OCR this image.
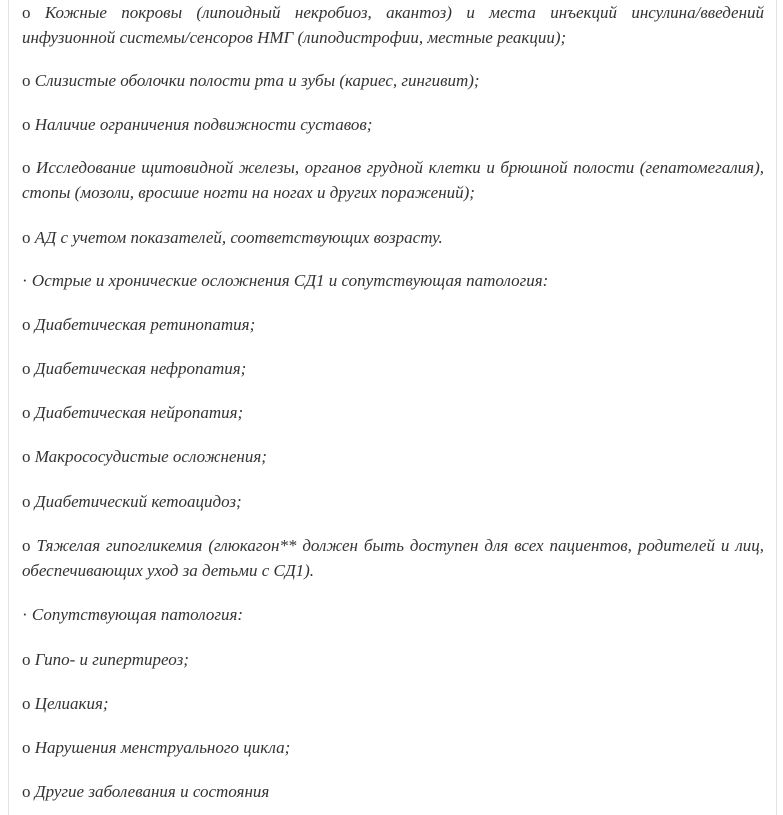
o Кожные покровы (липоидный некробиоз, акантоз) и места инъекций инсулина/введений инфузионной системы/сенсоров НМГ (липодистрофии, местные реакции);

o Слизистые оболочки полости рта и зубы (кариес, гингивит);

o Наличие ограничения подвижности суставов;

o Исследование щитовидной железы, органов грудной клетки и брюшной полости (гепатомегалия), стопы (мозоли, вросшие ногти на ногах и других поражений);

o АД с учетом показателей, соответствующих возрасту.

· Острые и хронические осложнения СД1 и сопутствующая патология:

o Диабетическая ретинопатия;

o Диабетическая нефропатия;

o Диабетическая нейропатия;

o Макрососудистые осложнения;

o Диабетический кетоацидоз;

o Тяжелая гипогликемия (глюкагон** должен быть доступен для всех пациентов, родителей и лиц, обеспечивающих уход за детьми с СД1).

· Сопутствующая патология:

o Гипо- и гипертиреоз;

o Целиакия;

o Нарушения менструального цикла;

o Другие заболевания и состояния
